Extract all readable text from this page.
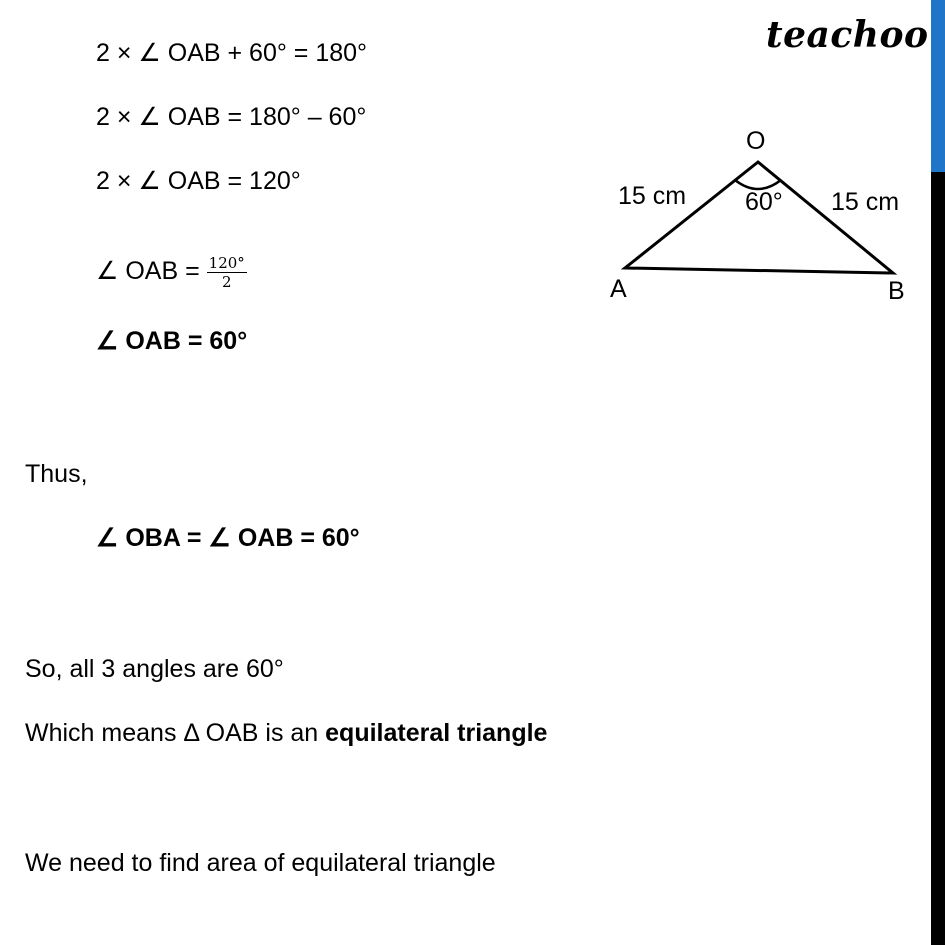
teachoo
2 × ∠ OAB + 60° = 180°
2 × ∠ OAB = 180° – 60°
2 × ∠ OAB = 120°
∠ OAB = $\frac{120^\circ}{2}$
∠ OAB = 60°
Thus,
∠ OBA = ∠ OAB = 60°
So, all 3 angles are 60°
Which means Δ OAB is an equilateral triangle
We need to find area of equilateral triangle
O
A	B
15 cm	15 cm
60°
